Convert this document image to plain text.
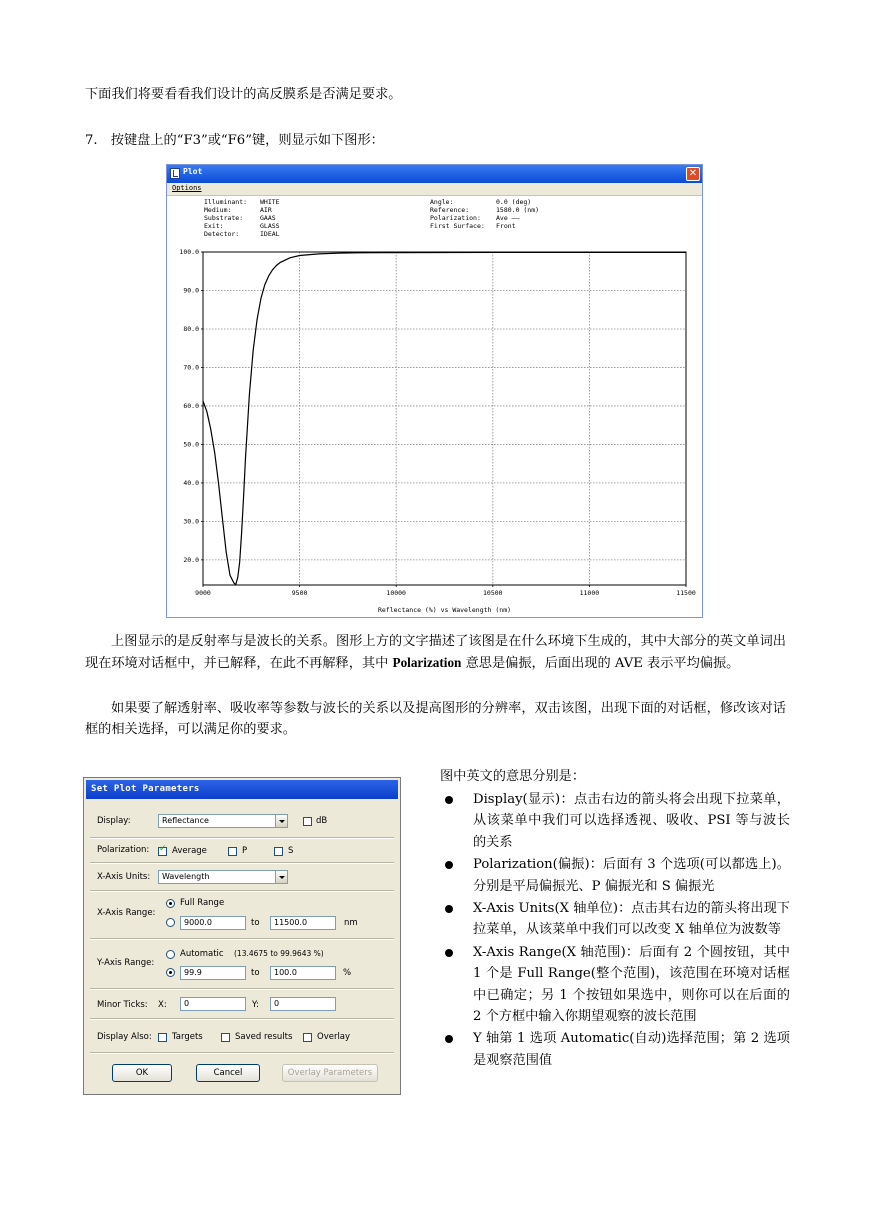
下面我们将要看看我们设计的高反膜系是否满足要求。
7.　按键盘上的“F3”或“F6”键，则显示如下图形：
Plot	✕
Options
Illuminant: WHITE
Medium:	AIR
Substrate:	GAAS
Exit:	GLASS
Detector:	IDEAL
Angle:	0.0 (deg)
Reference:	1580.0 (nm)
Polarization: Ave ——
First Surface: Front
20.0
30.0
40.0
50.0
60.0
70.0
80.0
90.0
100.0
9000	9500	10000	10500	11000	11500
Reflectance (%) vs Wavelength (nm)
上图显示的是反射率与是波长的关系。图形上方的文字描述了该图是在什么环境下生成的，其中大部分的英文单词出现在环境对话框中，并已解释，在此不再解释，其中 Polarization 意思是偏振，后面出现的 AVE 表示平均偏振。
如果要了解透射率、吸收率等参数与波长的关系以及提高图形的分辨率，双击该图，出现下面的对话框，修改该对话框的相关选择，可以满足你的要求。
Set Plot Parameters
Display:	Reflectance	dB
Polarization:
✓	Average	P	S
X-Axis Units:	Wavelength
X-Axis Range:
Full Range
9000.0	to	11500.0	nm
Y-Axis Range:
Automatic (13.4675 to 99.9643 %)
99.9	to	100.0	%
Minor Ticks: X:	0	Y:	0
Display Also: Targets	Saved results	Overlay
OK	Cancel	Overlay Parameters
图中英文的意思分别是：
Display(显示)：点击右边的箭头将会出现下拉菜单，从该菜单中我们可以选择透视、吸收、PSI 等与波长的关系
Polarization(偏振)：后面有 3 个选项(可以都选上)。分别是平局偏振光、P 偏振光和 S 偏振光
X-Axis Units(X 轴单位)：点击其右边的箭头将出现下拉菜单，从该菜单中我们可以改变 X 轴单位为波数等
X-Axis Range(X 轴范围)：后面有 2 个圆按钮，其中 1 个是 Full Range(整个范围)，该范围在环境对话框中已确定；另 1 个按钮如果选中，则你可以在后面的 2 个方框中输入你期望观察的波长范围
Y 轴第 1 选项 Automatic(自动)选择范围；第 2 选项是观察范围值
